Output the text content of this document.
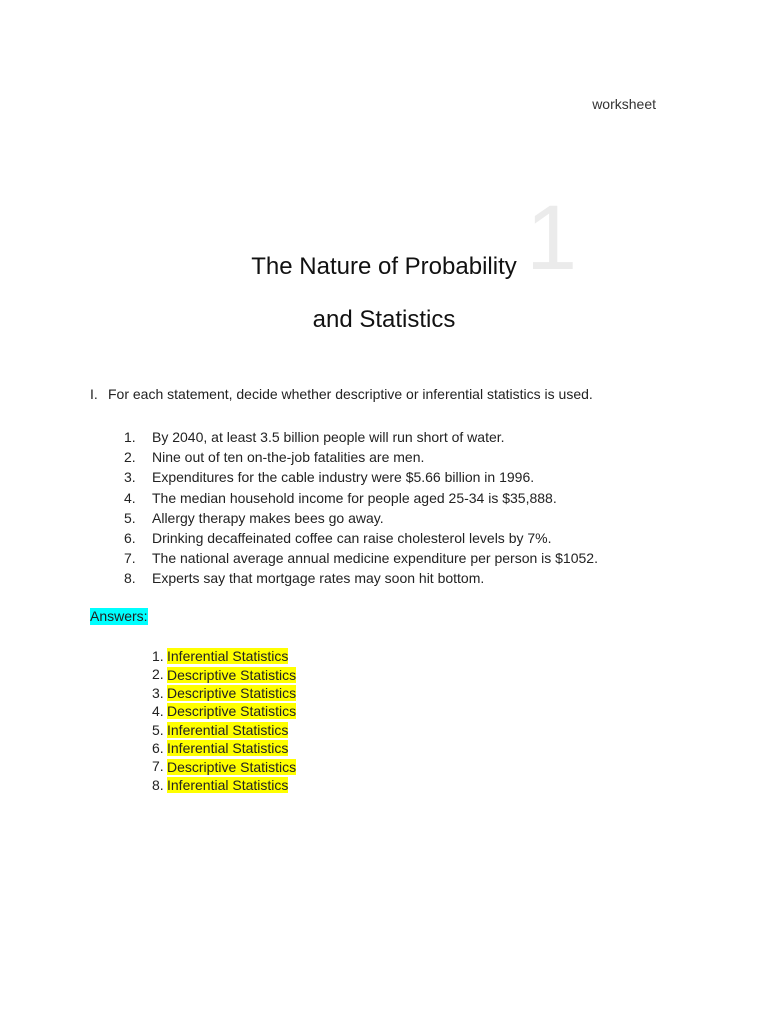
worksheet
1
The Nature of Probability
and Statistics
I. For each statement, decide whether descriptive or inferential statistics is used.
1.	By 2040, at least 3.5 billion people will run short of water.
2.	Nine out of ten on-the-job fatalities are men.
3.	Expenditures for the cable industry were $5.66 billion in 1996.
4.	The median household income for people aged 25-34 is $35,888.
5.	Allergy therapy makes bees go away.
6.	Drinking decaffeinated coffee can raise cholesterol levels by 7%.
7.	The national average annual medicine expenditure per person is $1052.
8.	Experts say that mortgage rates may soon hit bottom.
Answers:
1. Inferential Statistics
2. Descriptive Statistics
3. Descriptive Statistics
4. Descriptive Statistics
5. Inferential Statistics
6. Inferential Statistics
7. Descriptive Statistics
8. Inferential Statistics
